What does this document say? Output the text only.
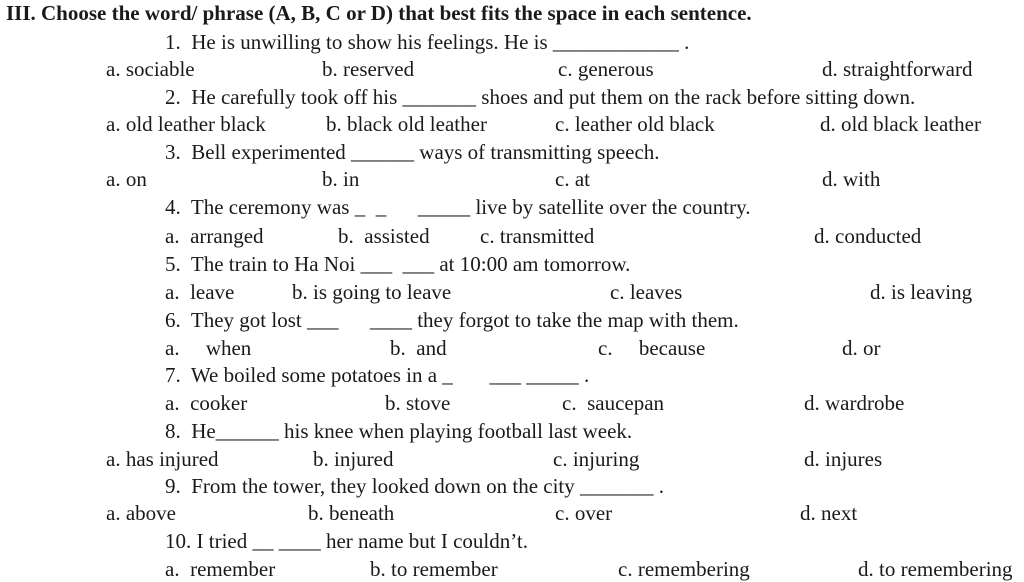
III. Choose the word/ phrase (A, B, C or D) that best fits the space in each sentence.
1.  He is unwilling to show his feelings. He is ____________ .
a. sociable	b. reserved	c. generous	d. straightforward
2.  He carefully took off his _______ shoes and put them on the rack before sitting down.
a. old leather black	b. black old leather	c. leather old black	d. old black leather
3.  Bell experimented ______ ways of transmitting speech.
a. on	b. in	c. at	d. with
4.  The ceremony was _  _      _____ live by satellite over the country.
a.  arranged	b.  assisted c. transmitted	d. conducted
5.  The train to Ha Noi ___  ___ at 10:00 am tomorrow.
a.  leave	b. is going to leave	c. leaves	d. is leaving
6.  They got lost ___      ____ they forgot to take the map with them.
a.     when	b.  and	c.     because	d. or
7.  We boiled some potatoes in a _       ___ _____ .
a.  cooker	b. stove	c.  saucepan	d. wardrobe
8.  He______ his knee when playing football last week.
a. has injured	b. injured	c. injuring	d. injures
9.  From the tower, they looked down on the city _______ .
a. above	b. beneath	c. over	d. next
10. I tried __ ____ her name but I couldn’t.
a.  remember	b. to remember	c. remembering	d. to remembering
